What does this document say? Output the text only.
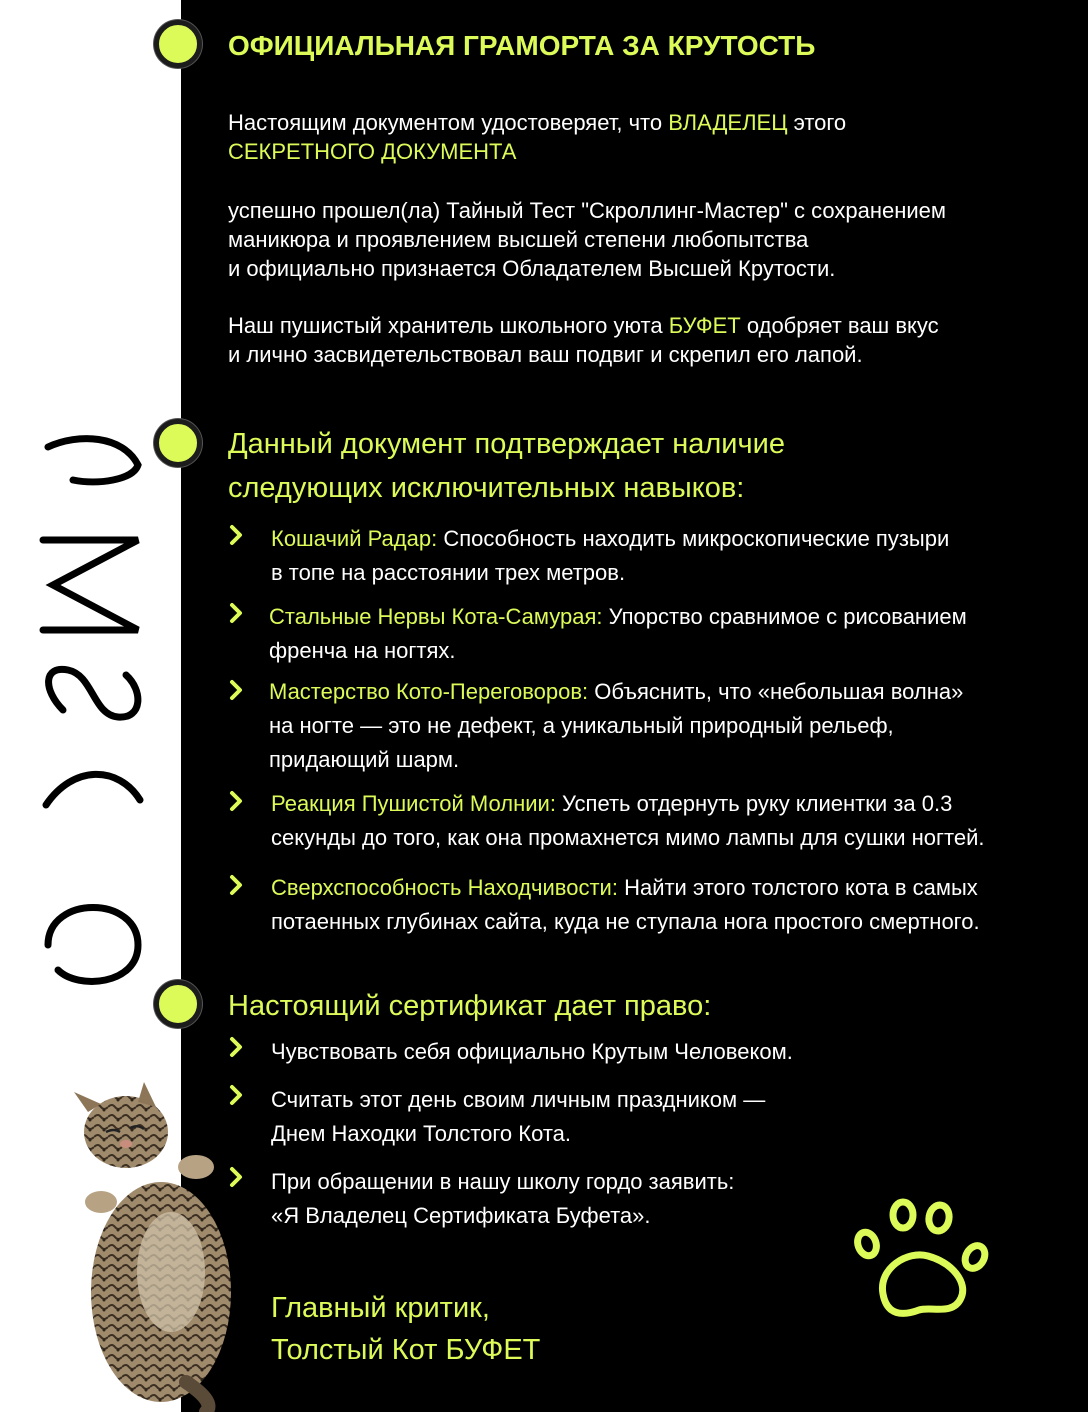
ОФИЦИАЛЬНАЯ ГРАМОРТА ЗА КРУТОСТЬ

Настоящим документом удостоверяет, что ВЛАДЕЛЕЦ этого
СЕКРЕТНОГО ДОКУМЕНТА

успешно прошел(ла) Тайный Тест "Скроллинг-Мастер" с сохранением
маникюра и проявлением высшей степени любопытства
и официально признается Обладателем Высшей Крутости.

Наш пушистый хранитель школьного уюта БУФЕТ одобряет ваш вкус
и лично засвидетельствовал ваш подвиг и скрепил его лапой.

Данный документ подтверждает наличие
следующих исключительных навыков:

Кошачий Радар: Способность находить микроскопические пузыри
в топе на расстоянии трех метров.

Стальные Нервы Кота-Самурая: Упорство сравнимое с рисованием
френча на ногтях.

Мастерство Кото-Переговоров: Объяснить, что «небольшая волна»
на ногте — это не дефект, а уникальный природный рельеф,
придающий шарм.

Реакция Пушистой Молнии: Успеть отдернуть руку клиентки за 0.3
секунды до того, как она промахнется мимо лампы для сушки ногтей.

Сверхспособность Находчивости: Найти этого толстого кота в самых
потаенных глубинах сайта, куда не ступала нога простого смертного.

Настоящий сертификат дает право:

Чувствовать себя официально Крутым Человеком.

Считать этот день своим личным праздником —
Днем Находки Толстого Кота.

При обращении в нашу школу гордо заявить:
«Я Владелец Сертификата Буфета».

Главный критик,
Толстый Кот БУФЕТ
